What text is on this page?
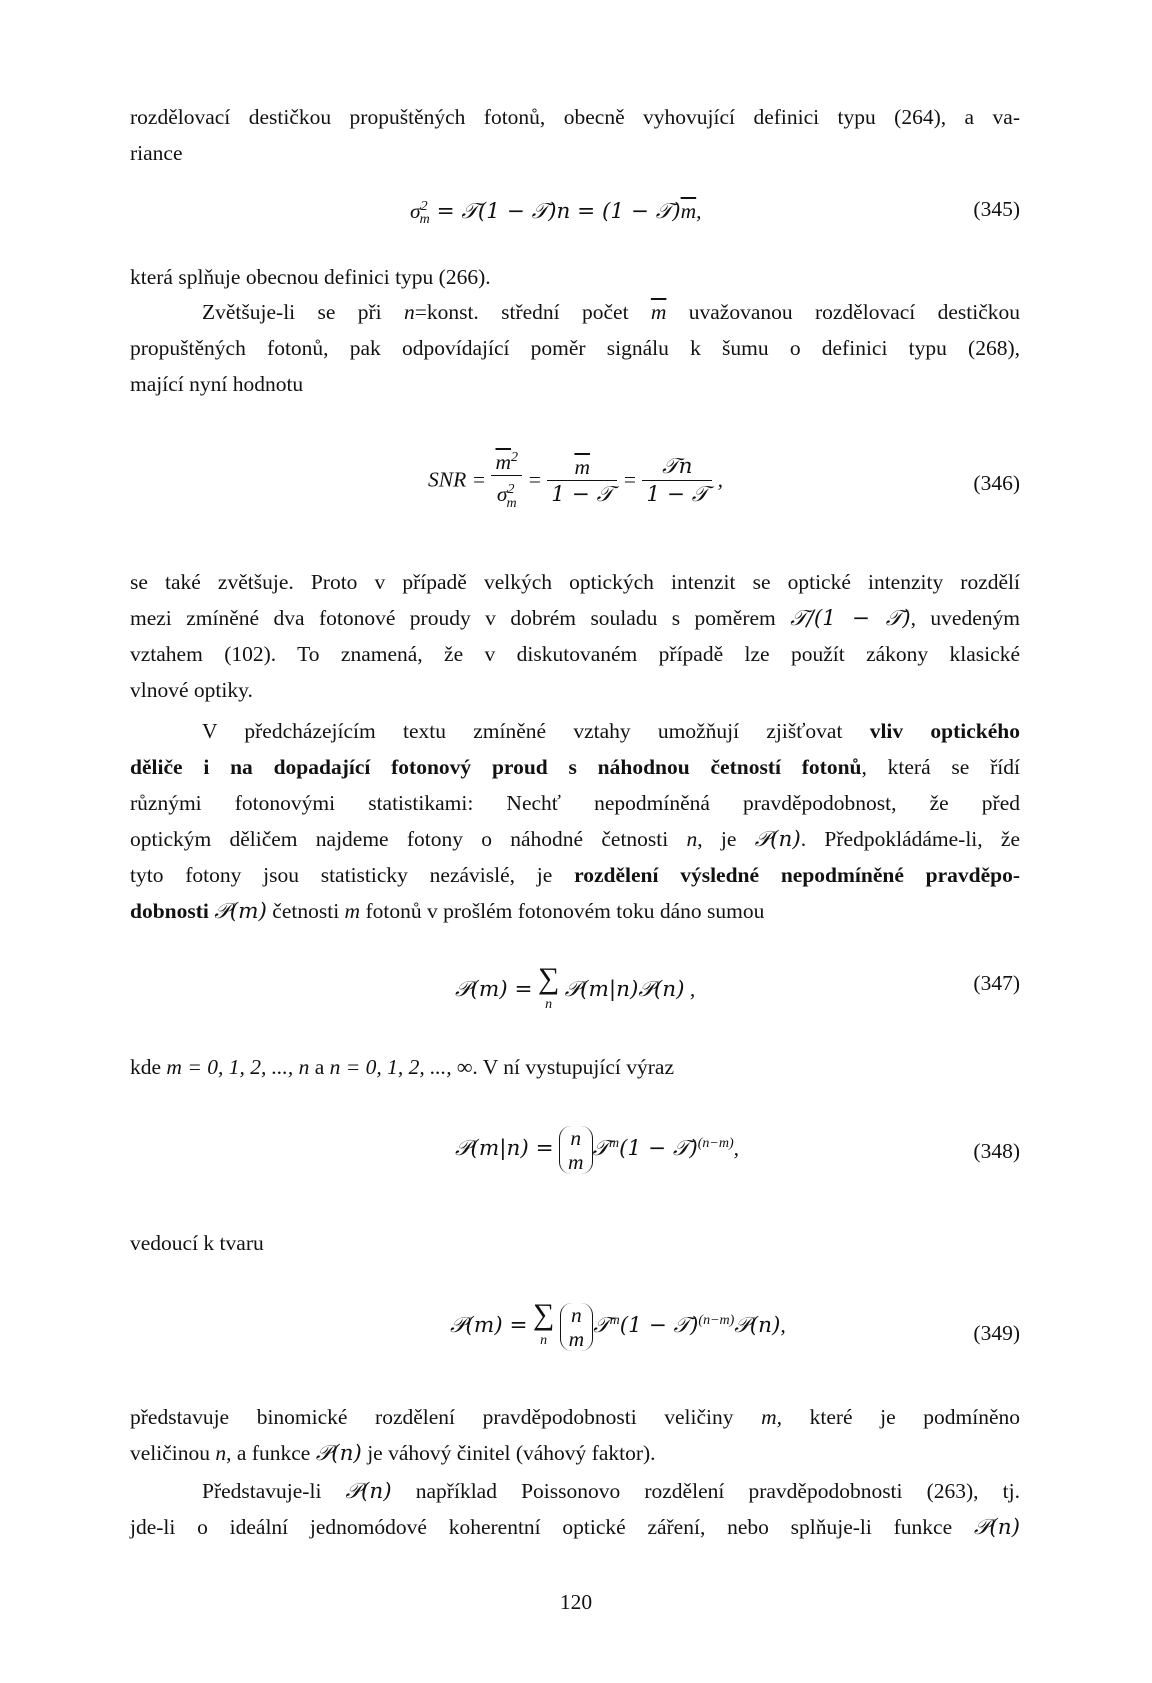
rozdělovací destičkou propuštěných fotonů, obecně vyhovující definici typu (264), a va-

riance

$\sigma^2_m$ = 𝒯(1 − 𝒯)n = $(1 - 𝒯)\overline{m}$,	(345)

která splňuje obecnou definici typu (266).

Zvětšuje-li se při n=konst. střední počet $\overline{m}$ uvažovanou rozdělovací destičkou

propuštěných fotonů, pak odpovídající poměr signálu k šumu o definici typu (268),

mající nyní hodnotu

SNR = $\frac{\overline{m}^2}{\sigma^2_m} = \frac{\overline{m}}{\text{1 − 𝒯}} = \frac{\text{𝒯n}}{\text{1 − 𝒯}}$ ,	(346)

se také zvětšuje. Proto v případě velkých optických intenzit se optické intenzity rozdělí

mezi zmíněné dva fotonové proudy v dobrém souladu s poměrem 𝒯/(1 − 𝒯), uvedeným

vztahem (102). To znamená, že v diskutovaném případě lze použít zákony klasické

vlnové optiky.

V předcházejícím textu zmíněné vztahy umožňují zjišťovat vliv optického

děliče i na dopadající fotonový proud s náhodnou četností fotonů, která se řídí

různými fotonovými statistikami: Nechť nepodmíněná pravděpodobnost, že před

optickým děličem najdeme fotony o náhodné četnosti n, je 𝒫(n). Předpokládáme-li, že

tyto fotony jsou statisticky nezávislé, je rozdělení výsledné nepodmíněné pravděpo-

dobnosti 𝒫(m) četnosti m fotonů v prošlém fotonovém toku dáno sumou

𝒫(m) = ∑
n 𝒫(m|n)𝒫(n) ,	(347)

kde m = 0, 1, 2, ..., n a n = 0, 1, 2, ..., ∞. V ní vystupující výraz

𝒫(m|n) = n
m𝒯$^m$(1 − 𝒯)$^{(n-m)}$,	(348)

vedoucí k tvaru

𝒫(m) = ∑
n n
m𝒯$^m$(1 − 𝒯)$^{(n-m)}$𝒫(n),	(349)

představuje binomické rozdělení pravděpodobnosti veličiny m, které je podmíněno

veličinou n, a funkce 𝒫(n) je váhový činitel (váhový faktor).

Představuje-li 𝒫(n) například Poissonovo rozdělení pravděpodobnosti (263), tj.

jde-li o ideální jednomódové koherentní optické záření, nebo splňuje-li funkce 𝒫(n)

120
